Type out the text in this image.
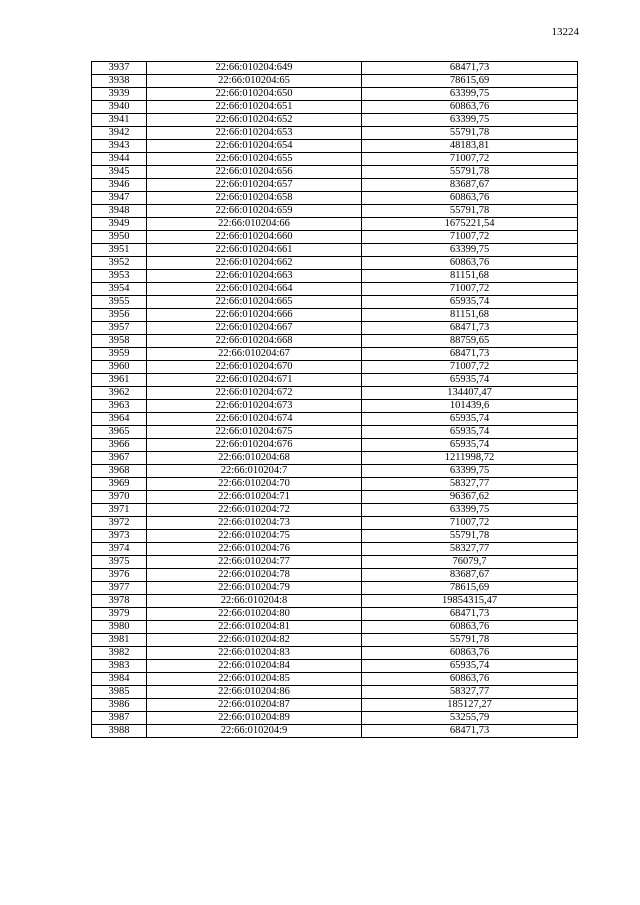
13224
3937	22:66:010204:649	68471,73
3938	22:66:010204:65	78615,69
3939	22:66:010204:650	63399,75
3940	22:66:010204:651	60863,76
3941	22:66:010204:652	63399,75
3942	22:66:010204:653	55791,78
3943	22:66:010204:654	48183,81
3944	22:66:010204:655	71007,72
3945	22:66:010204:656	55791,78
3946	22:66:010204:657	83687,67
3947	22:66:010204:658	60863,76
3948	22:66:010204:659	55791,78
3949	22:66:010204:66	1675221,54
3950	22:66:010204:660	71007,72
3951	22:66:010204:661	63399,75
3952	22:66:010204:662	60863,76
3953	22:66:010204:663	81151,68
3954	22:66:010204:664	71007,72
3955	22:66:010204:665	65935,74
3956	22:66:010204:666	81151,68
3957	22:66:010204:667	68471,73
3958	22:66:010204:668	88759,65
3959	22:66:010204:67	68471,73
3960	22:66:010204:670	71007,72
3961	22:66:010204:671	65935,74
3962	22:66:010204:672	134407,47
3963	22:66:010204:673	101439,6
3964	22:66:010204:674	65935,74
3965	22:66:010204:675	65935,74
3966	22:66:010204:676	65935,74
3967	22:66:010204:68	1211998,72
3968	22:66:010204:7	63399,75
3969	22:66:010204:70	58327,77
3970	22:66:010204:71	96367,62
3971	22:66:010204:72	63399,75
3972	22:66:010204:73	71007,72
3973	22:66:010204:75	55791,78
3974	22:66:010204:76	58327,77
3975	22:66:010204:77	76079,7
3976	22:66:010204:78	83687,67
3977	22:66:010204:79	78615,69
3978	22:66:010204:8	19854315,47
3979	22:66:010204:80	68471,73
3980	22:66:010204:81	60863,76
3981	22:66:010204:82	55791,78
3982	22:66:010204:83	60863,76
3983	22:66:010204:84	65935,74
3984	22:66:010204:85	60863,76
3985	22:66:010204:86	58327,77
3986	22:66:010204:87	185127,27
3987	22:66:010204:89	53255,79
3988	22:66:010204:9	68471,73
